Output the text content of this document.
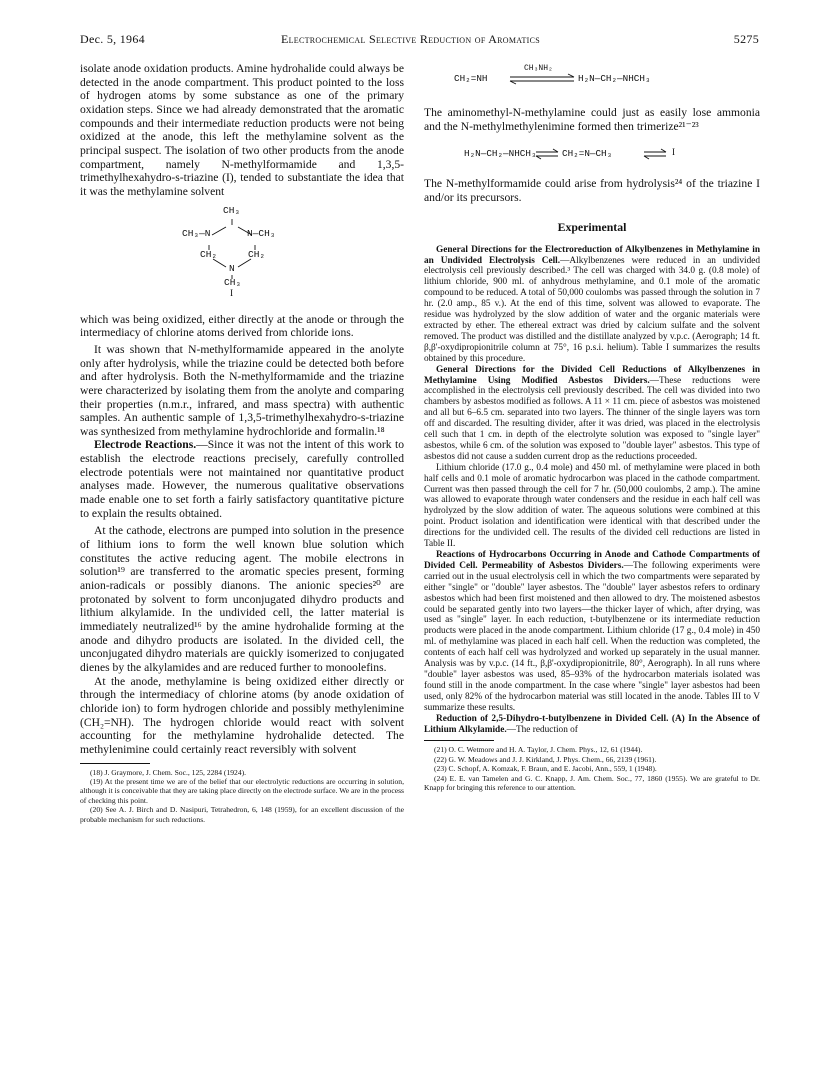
Dec. 5, 1964	Electrochemical Selective Reduction of Aromatics	5275

isolate anode oxidation products. Amine hydrohalide could always be detected in the anode compartment. This product pointed to the loss of hydrogen atoms by some substance as one of the primary oxidation steps. Since we had already demonstrated that the aromatic compounds and their intermediate reduction products were not being oxidized at the anode, this left the methylamine solvent as the principal suspect. The isolation of two other products from the anode compartment, namely N-methylformamide and 1,3,5-trimethylhexahydro-s-triazine (I), tended to substantiate the idea that it was the methylamine solvent

CH₃
CH₃—N	N—CH₃
CH₂	CH₂
N
CH₃
I

which was being oxidized, either directly at the anode or through the intermediacy of chlorine atoms derived from chloride ions.

It was shown that N-methylformamide appeared in the anolyte only after hydrolysis, while the triazine could be detected both before and after hydrolysis. Both the N-methylformamide and the triazine were characterized by isolating them from the anolyte and comparing their properties (n.m.r., infrared, and mass spectra) with authentic samples. An authentic sample of 1,3,5-trimethylhexahydro-s-triazine was synthesized from methylamine hydrochloride and formalin.¹⁸

Electrode Reactions.—Since it was not the intent of this work to establish the electrode reactions precisely, carefully controlled electrode potentials were not maintained nor quantitative product analyses made. However, the numerous qualitative observations made enable one to set forth a fairly satisfactory quantitative picture to explain the results obtained.

At the cathode, electrons are pumped into solution in the presence of lithium ions to form the well known blue solution which constitutes the active reducing agent. The mobile electrons in solution¹⁹ are transferred to the aromatic species present, forming anion-radicals or possibly dianons. The anionic species²⁰ are protonated by solvent to form unconjugated dihydro products and lithium alkylamide. In the undivided cell, the latter material is immediately neutralized¹⁶ by the amine hydrohalide forming at the anode and dihydro products are isolated. In the divided cell, the unconjugated dihydro materials are quickly isomerized to conjugated dienes by the alkylamides and are reduced further to monoolefins.

At the anode, methylamine is being oxidized either directly or through the intermediacy of chlorine atoms (by anode oxidation of chloride ion) to form hydrogen chloride and possibly methylenimine (CH₂=NH). The hydrogen chloride would react with solvent accounting for the methylamine hydrohalide detected. The methylenimine could certainly react reversibly with solvent

(18) J. Graymore, J. Chem. Soc., 125, 2284 (1924).

(19) At the present time we are of the belief that our electrolytic reductions are occurring in solution, although it is conceivable that they are taking place directly on the electrode surface. We are in the process of checking this point.

(20) See A. J. Birch and D. Nasipuri, Tetrahedron, 6, 148 (1959), for an excellent discussion of the probable mechanism for such reductions.

CH₃NH₂
CH₂=NH	H₂N—CH₂—NHCH₃

The aminomethyl-N-methylamine could just as easily lose ammonia and the N-methylmethylenimine formed then trimerize²¹⁻²³

H₂N—CH₂—NHCH₃	CH₂=N—CH₃	I

The N-methylformamide could arise from hydrolysis²⁴ of the triazine I and/or its precursors.

Experimental

General Directions for the Electroreduction of Alkylbenzenes in Methylamine in an Undivided Electrolysis Cell.—Alkylbenzenes were reduced in an undivided electrolysis cell previously described.³ The cell was charged with 34.0 g. (0.8 mole) of lithium chloride, 900 ml. of anhydrous methylamine, and 0.1 mole of the aromatic compound to be reduced. A total of 50,000 coulombs was passed through the solution in 7 hr. (2.0 amp., 85 v.). At the end of this time, solvent was allowed to evaporate. The residue was hydrolyzed by the slow addition of water and the organic materials were extracted by ether. The ethereal extract was dried by calcium sulfate and the solvent removed. The product was distilled and the distillate analyzed by v.p.c. (Aerograph; 14 ft. β,β'-oxydipropionitrile column at 75°, 16 p.s.i. helium). Table I summarizes the results obtained by this procedure.

General Directions for the Divided Cell Reductions of Alkylbenzenes in Methylamine Using Modified Asbestos Dividers.—These reductions were accomplished in the electrolysis cell previously described. The cell was divided into two chambers by asbestos modified as follows. A 11 × 11 cm. piece of asbestos was moistened and all but 6–6.5 cm. separated into two layers. The thinner of the single layers was torn off and discarded. The resulting divider, after it was dried, was placed in the electrolysis cell such that 1 cm. in depth of the electrolyte solution was exposed to "single layer" asbestos, while 6 cm. of the solution was exposed to "double layer" asbestos. This type of asbestos did not cause a sudden current drop as the reductions proceeded.

Lithium chloride (17.0 g., 0.4 mole) and 450 ml. of methylamine were placed in both half cells and 0.1 mole of aromatic hydrocarbon was placed in the cathode compartment. Current was then passed through the cell for 7 hr. (50,000 coulombs, 2 amp.). The amine was allowed to evaporate through water condensers and the residue in each half cell was hydrolyzed by the slow addition of water. The aqueous solutions were combined at this point. Product isolation and identification were identical with that described under the directions for the undivided cell. The results of the divided cell reductions are listed in Table II.

Reactions of Hydrocarbons Occurring in Anode and Cathode Compartments of Divided Cell. Permeability of Asbestos Dividers.—The following experiments were carried out in the usual electrolysis cell in which the two compartments were separated by either "single" or "double" layer asbestos. The "double" layer asbestos refers to ordinary asbestos which had been first moistened and then allowed to dry. The moistened asbestos could be separated gently into two layers—the thicker layer of which, after drying, was used as "single" layer. In each reduction, t-butylbenzene or its intermediate reduction products were placed in the anode compartment. Lithium chloride (17 g., 0.4 mole) in 450 ml. of methylamine was placed in each half cell. When the reduction was completed, the contents of each half cell was hydrolyzed and worked up separately in the usual manner. Analysis was by v.p.c. (14 ft., β,β'-oxydipropionitrile, 80°, Aerograph). In all runs where "double" layer asbestos was used, 85–93% of the hydrocarbon materials isolated was found still in the anode compartment. In the case where "single" layer asbestos had been used, only 82% of the hydrocarbon material was still located in the anode. Tables III to V summarize these results.

Reduction of 2,5-Dihydro-t-butylbenzene in Divided Cell. (A) In the Absence of Lithium Alkylamide.—The reduction of

(21) O. C. Wetmore and H. A. Taylor, J. Chem. Phys., 12, 61 (1944).

(22) G. W. Meadows and J. J. Kirkland, J. Phys. Chem., 66, 2139 (1961).

(23) C. Schopf, A. Komzak, F. Braun, and E. Jacobi, Ann., 559, 1 (1948).

(24) E. E. van Tamelen and G. C. Knapp, J. Am. Chem. Soc., 77, 1860 (1955). We are grateful to Dr. Knapp for bringing this reference to our attention.
